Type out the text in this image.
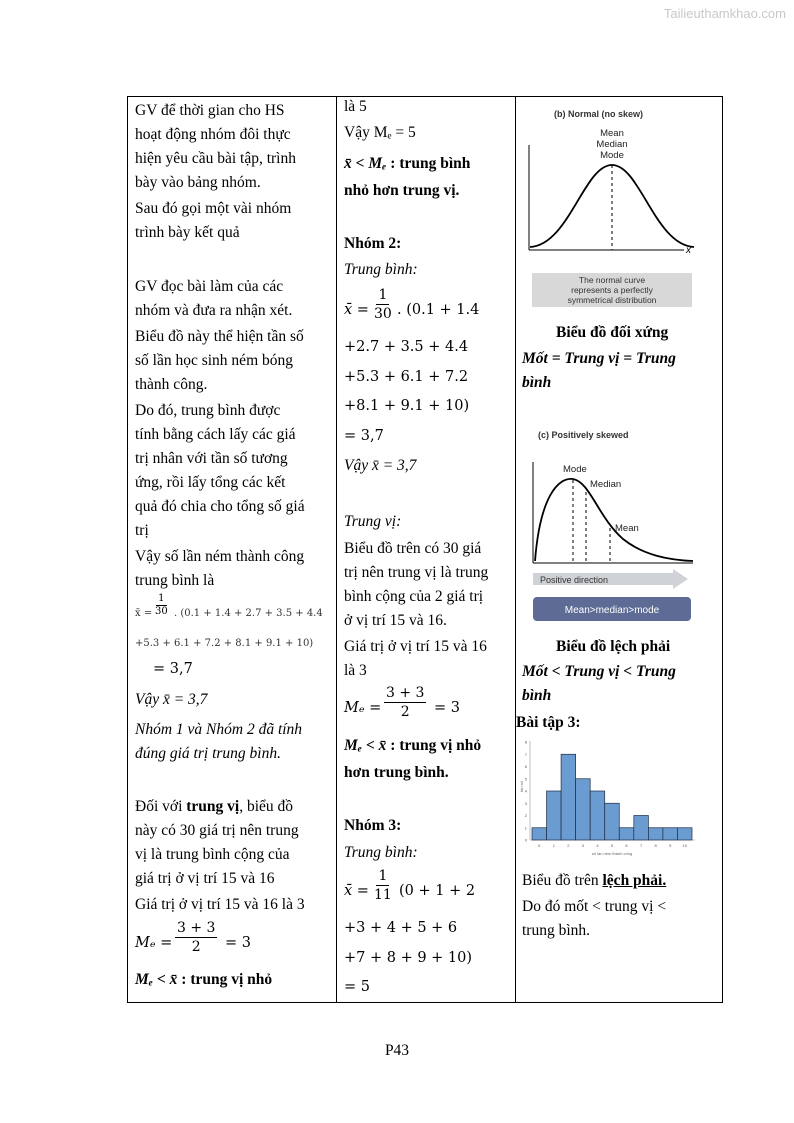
Tailieuthamkhao.com
GV để thời gian cho HS
hoạt động nhóm đôi thực
hiện yêu cầu bài tập, trình
bày vào bảng nhóm.
Sau đó gọi một vài nhóm
trình bày kết quả
GV đọc bài làm của các
nhóm và đưa ra nhận xét.
Biểu đồ này thể hiện tần số
số lần học sinh ném bóng
thành công.
Do đó, trung bình được
tính bằng cách lấy các giá
trị nhân với tần số tương
ứng, rồi lấy tổng các kết
quả đó chia cho tổng số giá
trị
Vậy số lần ném thành công
trung bình là
x̄ = $\frac{1}{30}$ . (0.1 + 1.4 + 2.7 + 3.5 + 4.4
+5.3 + 6.1 + 7.2 + 8.1 + 9.1 + 10)
= 3,7
Vậy x̄ = 3,7
Nhóm 1 và Nhóm 2 đã tính
đúng giá trị trung bình.
Đối với trung vị, biểu đồ
này có 30 giá trị nên trung
vị là trung bình cộng của
giá trị ở vị trí 15 và 16
Giá trị ở vị trí 15 và 16 là 3
$M_e = \frac{3 + 3}{2} = 3$
Mₑ < x̄ : trung vị nhỏ
là 5
Vậy Mₑ = 5
x̄ < Mₑ : trung bình
nhỏ hơn trung vị.
Nhóm 2:
Trung bình:
x̄ = $\frac{1}{30}$ . (0.1 + 1.4
+2.7 + 3.5 + 4.4
+5.3 + 6.1 + 7.2
+8.1 + 9.1 + 10)
= 3,7
Vậy x̄ = 3,7
Trung vị:
Biểu đồ trên có 30 giá
trị nên trung vị là trung
bình cộng của 2 giá trị
ở vị trí 15 và 16.
Giá trị ở vị trí 15 và 16
là 3
$M_e = \frac{3 + 3}{2} = 3$
Mₑ < x̄ : trung vị nhỏ
hơn trung bình.
Nhóm 3:
Trung bình:
x̄ = $\frac{1}{11} (0 + 1 + 2$
+3 + 4 + 5 + 6
+7 + 8 + 9 + 10)
= 5
(b) Normal (no skew)
Mean
Median
Mode
x
The normal curve
represents a perfectly
symmetrical distribution
Biểu đồ đối xứng
Mốt = Trung vị = Trung
bình
(c) Positively skewed
Mode
Median
Mean
Positive direction
Mean>median>mode
Biểu đồ lệch phải
Mốt < Trung vị < Trung
bình
Bài tập 3:
tần số
số lần ném thành công
0	1	2	3	4	5	6	7	8	9	10
0
1
2
3
4
5
6
7
8
Biểu đồ trên lệch phải.
Do đó mốt < trung vị <
trung bình.
P43
